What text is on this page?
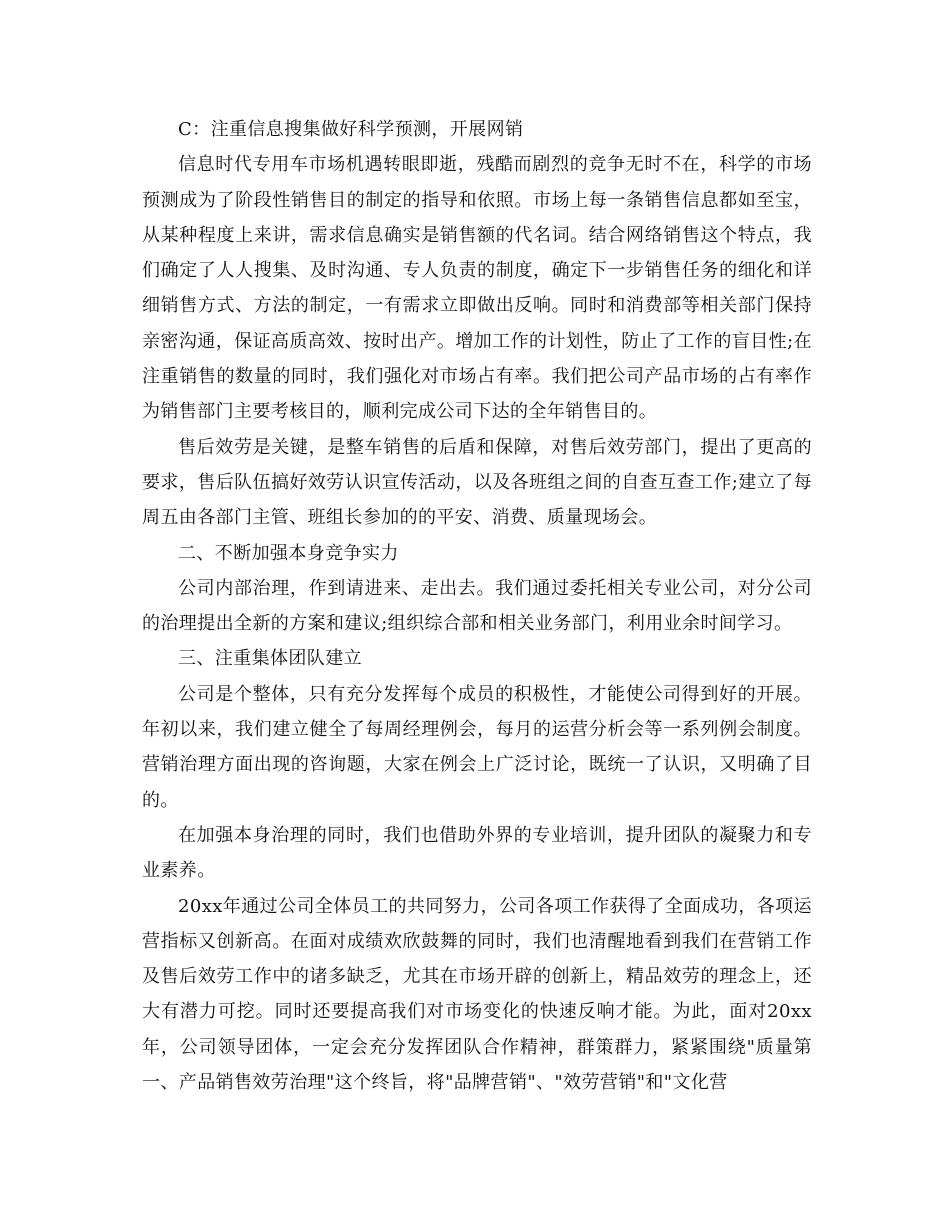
C：注重信息搜集做好科学预测，开展网销

信息时代专用车市场机遇转眼即逝，残酷而剧烈的竞争无时不在，科学的市场预测成为了阶段性销售目的制定的指导和依照。市场上每一条销售信息都如至宝，从某种程度上来讲，需求信息确实是销售额的代名词。结合网络销售这个特点，我们确定了人人搜集、及时沟通、专人负责的制度，确定下一步销售任务的细化和详细销售方式、方法的制定，一有需求立即做出反响。同时和消费部等相关部门保持亲密沟通，保证高质高效、按时出产。增加工作的计划性，防止了工作的盲目性;在注重销售的数量的同时，我们强化对市场占有率。我们把公司产品市场的占有率作为销售部门主要考核目的，顺利完成公司下达的全年销售目的。

售后效劳是关键，是整车销售的后盾和保障，对售后效劳部门，提出了更高的要求，售后队伍搞好效劳认识宣传活动，以及各班组之间的自查互查工作;建立了每周五由各部门主管、班组长参加的的平安、消费、质量现场会。

二、不断加强本身竞争实力

公司内部治理，作到请进来、走出去。我们通过委托相关专业公司，对分公司的治理提出全新的方案和建议;组织综合部和相关业务部门，利用业余时间学习。

三、注重集体团队建立

公司是个整体，只有充分发挥每个成员的积极性，才能使公司得到好的开展。年初以来，我们建立健全了每周经理例会，每月的运营分析会等一系列例会制度。营销治理方面出现的咨询题，大家在例会上广泛讨论，既统一了认识，又明确了目的。

在加强本身治理的同时，我们也借助外界的专业培训，提升团队的凝聚力和专业素养。

20xx年通过公司全体员工的共同努力，公司各项工作获得了全面成功，各项运营指标又创新高。在面对成绩欢欣鼓舞的同时，我们也清醒地看到我们在营销工作及售后效劳工作中的诸多缺乏，尤其在市场开辟的创新上，精品效劳的理念上，还大有潜力可挖。同时还要提高我们对市场变化的快速反响才能。为此，面对20xx年，公司领导团体，一定会充分发挥团队合作精神，群策群力，紧紧围绕"质量第一、产品销售效劳治理"这个终旨，将"品牌营销"、"效劳营销"和"文化营
